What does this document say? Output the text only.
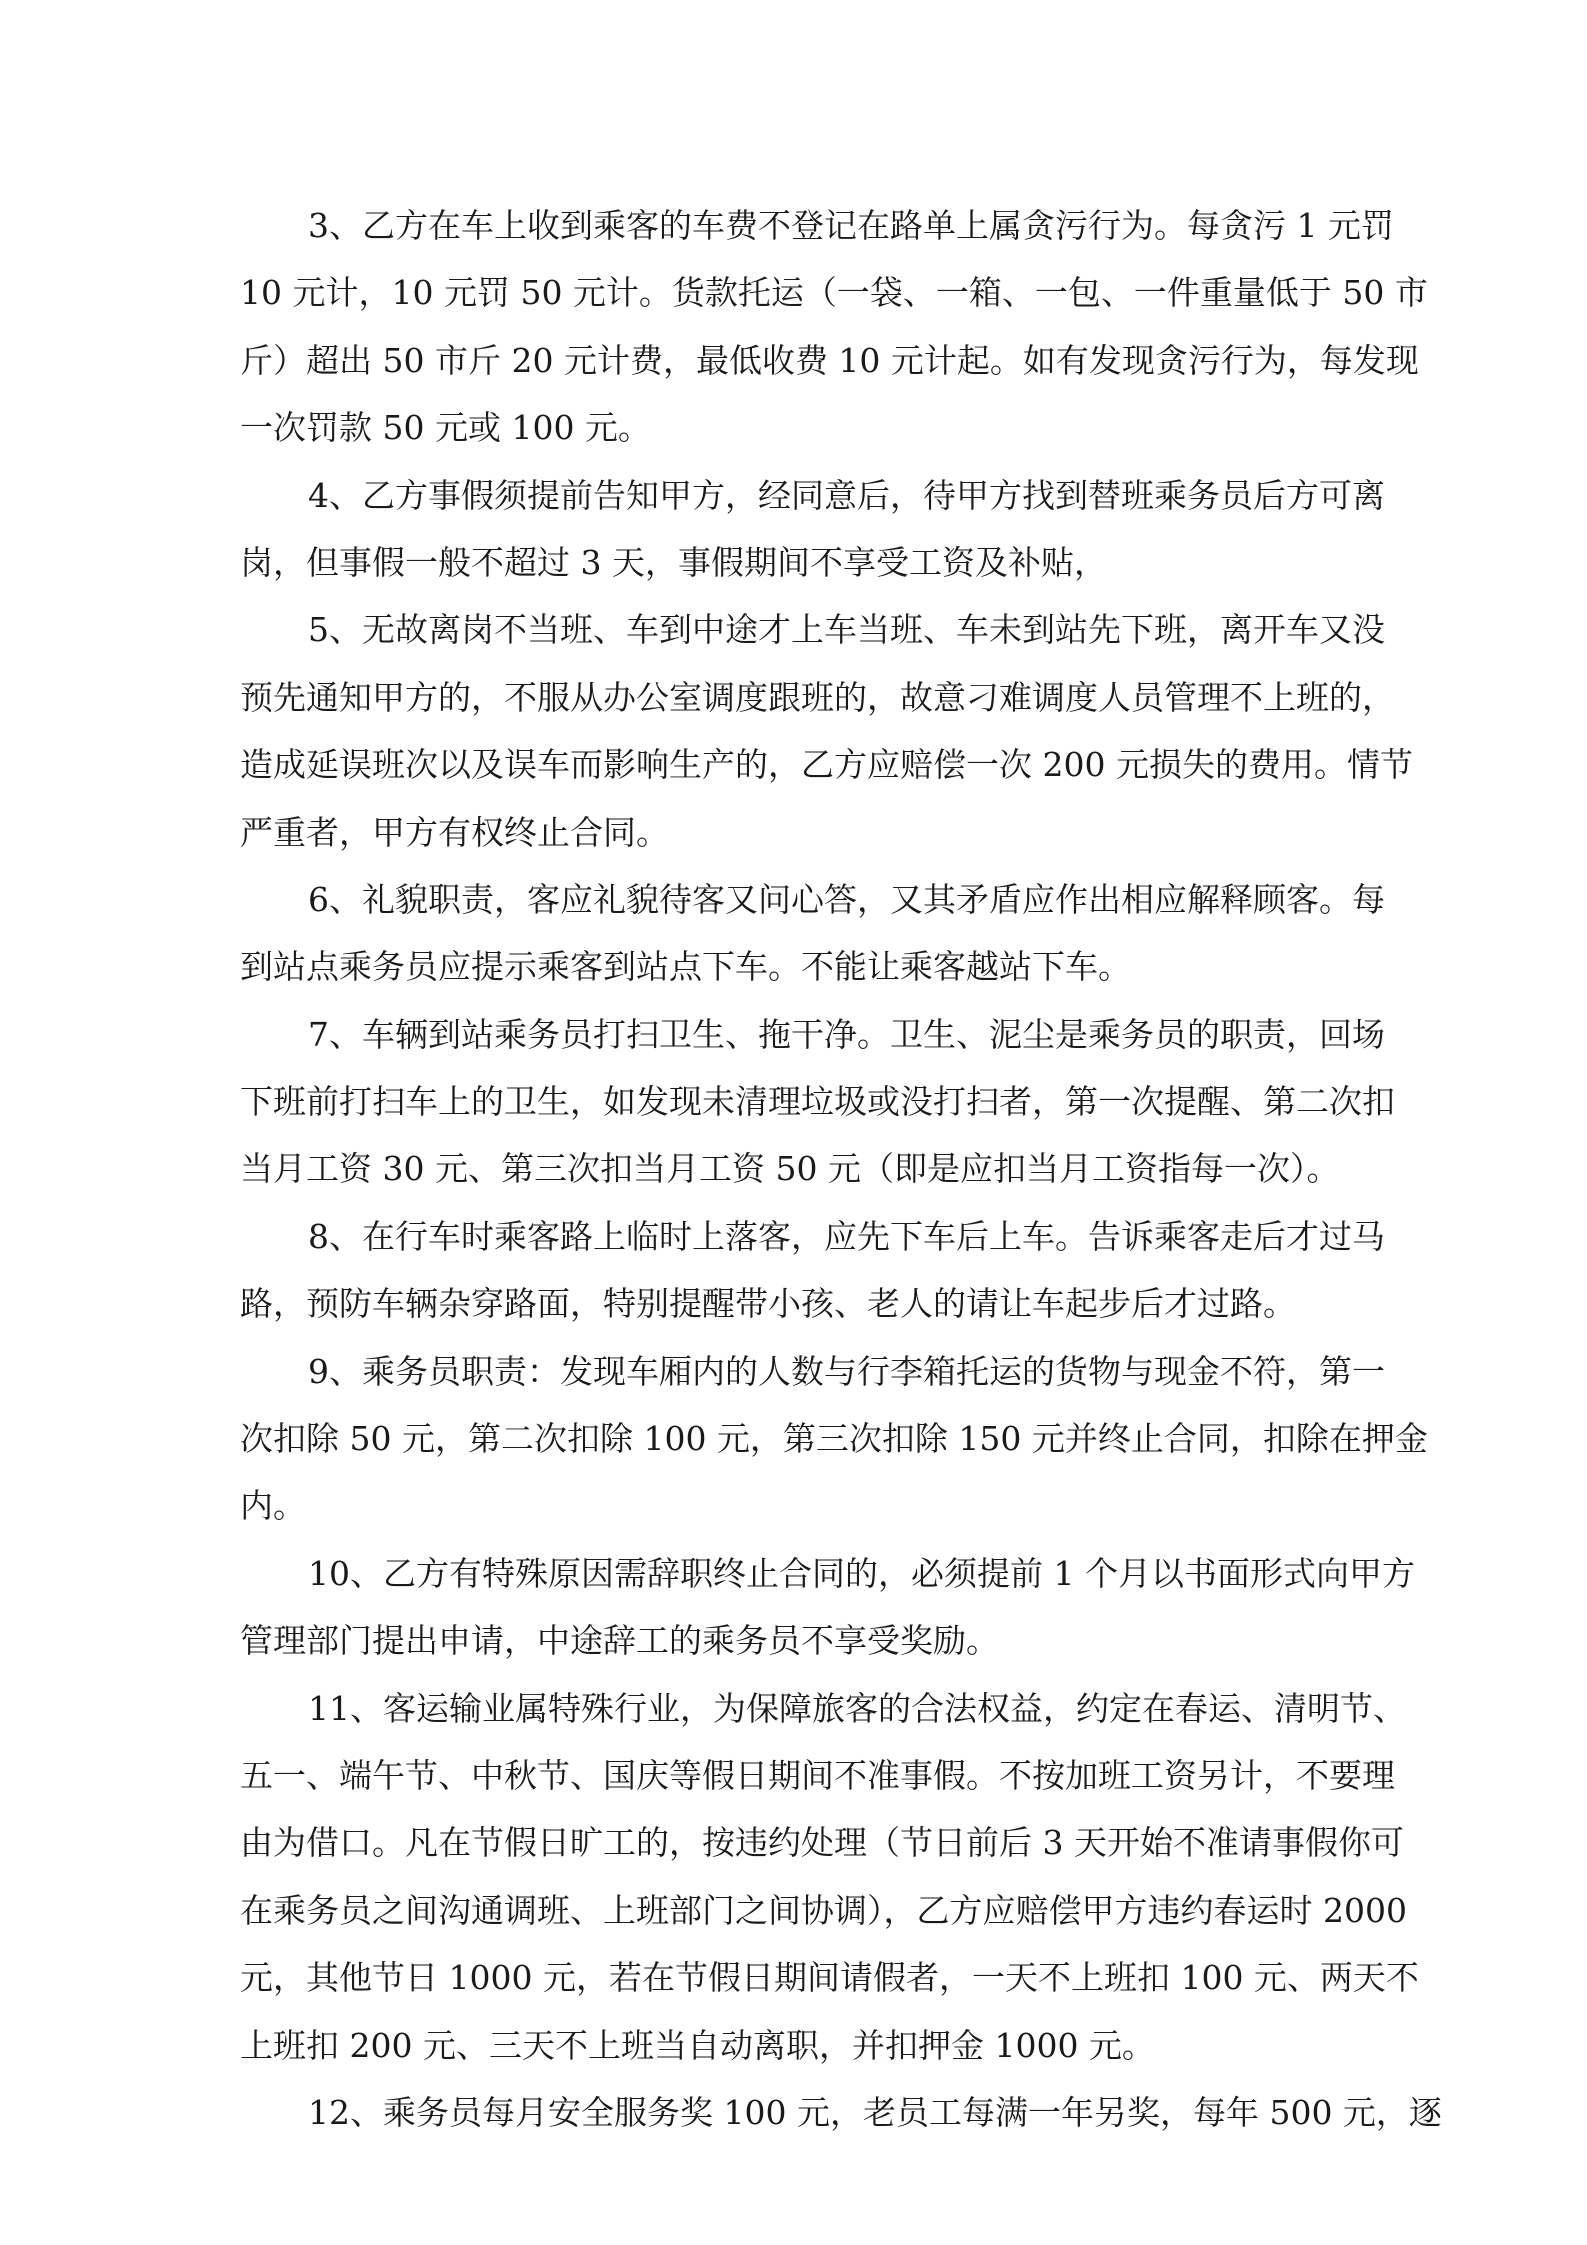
3、乙方在车上收到乘客的车费不登记在路单上属贪污行为。每贪污 1 元罚
10 元计，10 元罚 50 元计。货款托运（一袋、一箱、一包、一件重量低于 50 市
斤）超出 50 市斤 20 元计费，最低收费 10 元计起。如有发现贪污行为，每发现
一次罚款 50 元或 100 元。
4、乙方事假须提前告知甲方，经同意后，待甲方找到替班乘务员后方可离
岗，但事假一般不超过 3 天，事假期间不享受工资及补贴，
5、无故离岗不当班、车到中途才上车当班、车未到站先下班，离开车又没
预先通知甲方的，不服从办公室调度跟班的，故意刁难调度人员管理不上班的，
造成延误班次以及误车而影响生产的，乙方应赔偿一次 200 元损失的费用。情节
严重者，甲方有权终止合同。
6、礼貌职责，客应礼貌待客又问心答，又其矛盾应作出相应解释顾客。每
到站点乘务员应提示乘客到站点下车。不能让乘客越站下车。
7、车辆到站乘务员打扫卫生、拖干净。卫生、泥尘是乘务员的职责，回场
下班前打扫车上的卫生，如发现未清理垃圾或没打扫者，第一次提醒、第二次扣
当月工资 30 元、第三次扣当月工资 50 元（即是应扣当月工资指每一次）。
8、在行车时乘客路上临时上落客，应先下车后上车。告诉乘客走后才过马
路，预防车辆杂穿路面，特别提醒带小孩、老人的请让车起步后才过路。
9、乘务员职责：发现车厢内的人数与行李箱托运的货物与现金不符，第一
次扣除 50 元，第二次扣除 100 元，第三次扣除 150 元并终止合同，扣除在押金
内。
10、乙方有特殊原因需辞职终止合同的，必须提前 1 个月以书面形式向甲方
管理部门提出申请，中途辞工的乘务员不享受奖励。
11、客运输业属特殊行业，为保障旅客的合法权益，约定在春运、清明节、
五一、端午节、中秋节、国庆等假日期间不准事假。不按加班工资另计，不要理
由为借口。凡在节假日旷工的，按违约处理（节日前后 3 天开始不准请事假你可
在乘务员之间沟通调班、上班部门之间协调），乙方应赔偿甲方违约春运时 2000
元，其他节日 1000 元，若在节假日期间请假者，一天不上班扣 100 元、两天不
上班扣 200 元、三天不上班当自动离职，并扣押金 1000 元。
12、乘务员每月安全服务奖 100 元，老员工每满一年另奖，每年 500 元，逐
